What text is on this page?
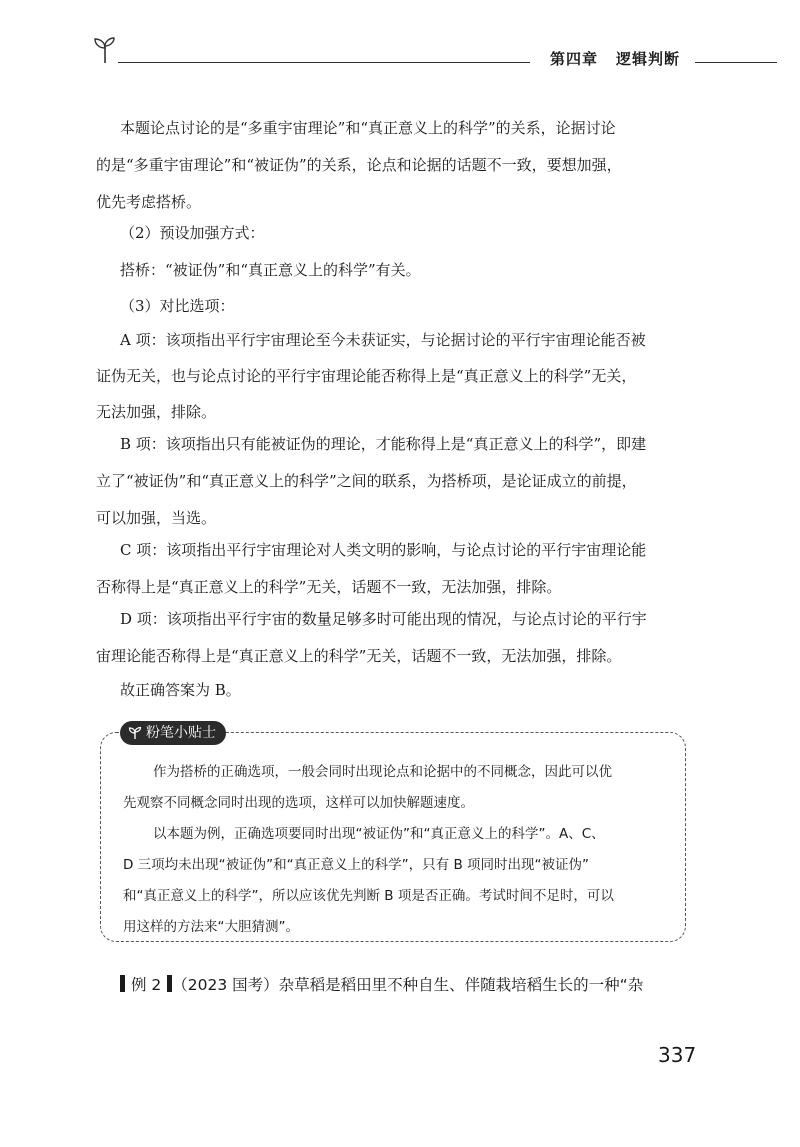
第四章 逻辑判断
本题论点讨论的是“多重宇宙理论”和“真正意义上的科学”的关系，论据讨论
的是“多重宇宙理论”和“被证伪”的关系，论点和论据的话题不一致，要想加强，
优先考虑搭桥。
（2）预设加强方式：
搭桥：“被证伪”和“真正意义上的科学”有关。
（3）对比选项：
A 项：该项指出平行宇宙理论至今未获证实，与论据讨论的平行宇宙理论能否被
证伪无关，也与论点讨论的平行宇宙理论能否称得上是“真正意义上的科学”无关，
无法加强，排除。
B 项：该项指出只有能被证伪的理论，才能称得上是“真正意义上的科学”，即建
立了“被证伪”和“真正意义上的科学”之间的联系，为搭桥项，是论证成立的前提，
可以加强，当选。
C 项：该项指出平行宇宙理论对人类文明的影响，与论点讨论的平行宇宙理论能
否称得上是“真正意义上的科学”无关，话题不一致，无法加强，排除。
D 项：该项指出平行宇宙的数量足够多时可能出现的情况，与论点讨论的平行宇
宙理论能否称得上是“真正意义上的科学”无关，话题不一致，无法加强，排除。
故正确答案为 B。
粉笔小贴士
作为搭桥的正确选项，一般会同时出现论点和论据中的不同概念，因此可以优
先观察不同概念同时出现的选项，这样可以加快解题速度。
以本题为例，正确选项要同时出现“被证伪”和“真正意义上的科学”。A、C、
D 三项均未出现“被证伪”和“真正意义上的科学”，只有 B 项同时出现“被证伪”
和“真正意义上的科学”，所以应该优先判断 B 项是否正确。考试时间不足时，可以
用这样的方法来“大胆猜测”。
例 2 （2023 国考）杂草稻是稻田里不种自生、伴随栽培稻生长的一种“杂
337
